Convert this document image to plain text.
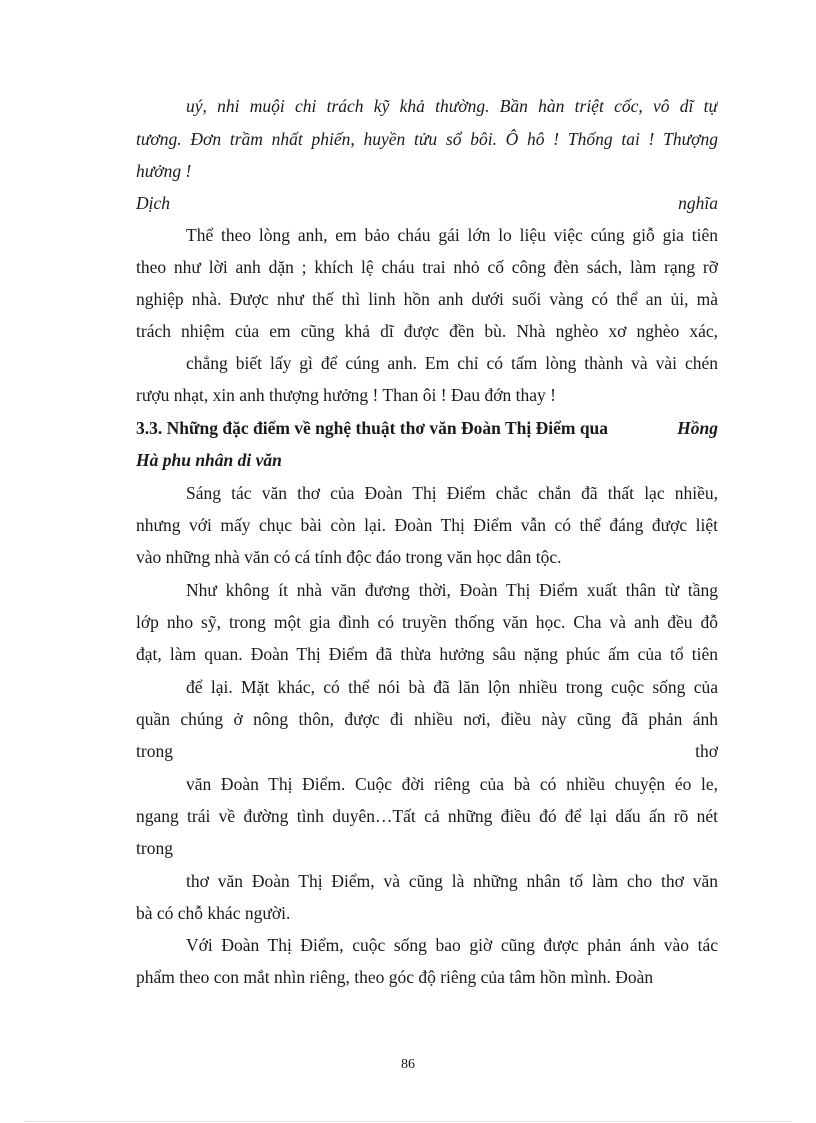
uý, nhi muội chi trách kỹ khả thường. Bần hàn triệt cốc, vô dĩ tự
tương. Đơn trầm nhất phiến, huyền tửu sổ bôi. Ô hô ! Thống tai ! Thượng
hưởng !
Dịch	nghĩa
Thể theo lòng anh, em bảo cháu gái lớn lo liệu việc cúng giỗ gia tiên
theo như lời anh dặn ; khích lệ cháu trai nhỏ cố công đèn sách, làm rạng rỡ
nghiệp nhà. Được như thế thì linh hồn anh dưới suối vàng có thể an ủi, mà
trách nhiệm của em cũng khả dĩ được đền bù. Nhà nghèo xơ nghèo xác,
chẳng biết lấy gì để cúng anh. Em chỉ có tấm lòng thành và vài chén
rượu nhạt, xin anh thượng hưởng ! Than ôi ! Đau đớn thay !
3.3. Những đặc điểm về nghệ thuật thơ văn Đoàn Thị Điểm qua	Hồng
Hà phu nhân di văn
Sáng tác văn thơ của Đoàn Thị Điểm chắc chắn đã thất lạc nhiều,
nhưng với mấy chục bài còn lại. Đoàn Thị Điểm vẫn có thể đáng được liệt
vào những nhà văn có cá tính độc đáo trong văn học dân tộc.
Như không ít nhà văn đương thời, Đoàn Thị Điểm xuất thân từ tầng
lớp nho sỹ, trong một gia đình có truyền thống văn học. Cha và anh đều đỗ
đạt, làm quan. Đoàn Thị Điểm đã thừa hưởng sâu nặng phúc ấm của tổ tiên
để lại. Mặt khác, có thể nói bà đã lăn lộn nhiều trong cuộc sống của
quần chúng ở nông thôn, được đi nhiều nơi, điều này cũng đã phản ánh
trong	thơ
văn Đoàn Thị Điểm. Cuộc đời riêng của bà có nhiều chuyện éo le,
ngang trái về đường tình duyên…Tất cả những điều đó để lại dấu ấn rõ nét
trong
thơ văn Đoàn Thị Điểm, và cũng là những nhân tố làm cho thơ văn
bà có chỗ khác người.
Với Đoàn Thị Điểm, cuộc sống bao giờ cũng được phản ánh vào tác
phẩm theo con mắt nhìn riêng, theo góc độ riêng của tâm hồn mình. Đoàn
86
